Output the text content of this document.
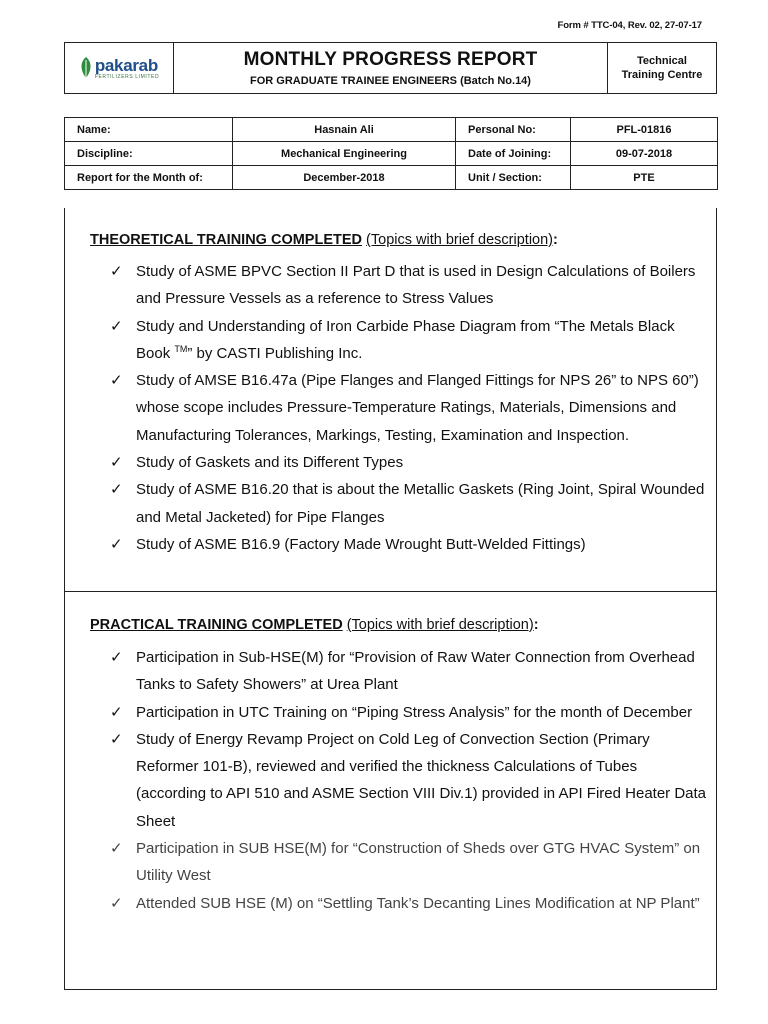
Form # TTC-04, Rev. 02, 27-07-17
pakarab
FERTILIZERS LIMITED
MONTHLY PROGRESS REPORT
FOR GRADUATE TRAINEE ENGINEERS (Batch No.14)
Technical
Training Centre
Name:	Hasnain Ali	Personal No:	PFL-01816
Discipline:	Mechanical Engineering	Date of Joining:	09-07-2018
Report for the Month of:	December-2018	Unit / Section:	PTE
THEORETICAL TRAINING COMPLETED (Topics with brief description):
✓ Study of ASME BPVC Section II Part D that is used in Design Calculations of Boilers and Pressure Vessels as a reference to Stress Values
✓ Study and Understanding of Iron Carbide Phase Diagram from “The Metals Black Book ™” by CASTI Publishing Inc.
✓ Study of AMSE B16.47a (Pipe Flanges and Flanged Fittings for NPS 26” to NPS 60”) whose scope includes Pressure-Temperature Ratings, Materials, Dimensions and Manufacturing Tolerances, Markings, Testing, Examination and Inspection.
✓ Study of Gaskets and its Different Types
✓ Study of ASME B16.20 that is about the Metallic Gaskets (Ring Joint, Spiral Wounded and Metal Jacketed) for Pipe Flanges
✓ Study of ASME B16.9 (Factory Made Wrought Butt-Welded Fittings)
PRACTICAL TRAINING COMPLETED (Topics with brief description):
✓ Participation in Sub-HSE(M) for “Provision of Raw Water Connection from Overhead Tanks to Safety Showers” at Urea Plant
✓ Participation in UTC Training on “Piping Stress Analysis” for the month of December
✓ Study of Energy Revamp Project on Cold Leg of Convection Section (Primary Reformer 101-B), reviewed and verified the thickness Calculations of Tubes (according to API 510 and ASME Section VIII Div.1) provided in API Fired Heater Data Sheet
✓ Participation in SUB HSE(M) for “Construction of Sheds over GTG HVAC System” on Utility West
✓ Attended SUB HSE (M) on “Settling Tank’s Decanting Lines Modification at NP Plant”
